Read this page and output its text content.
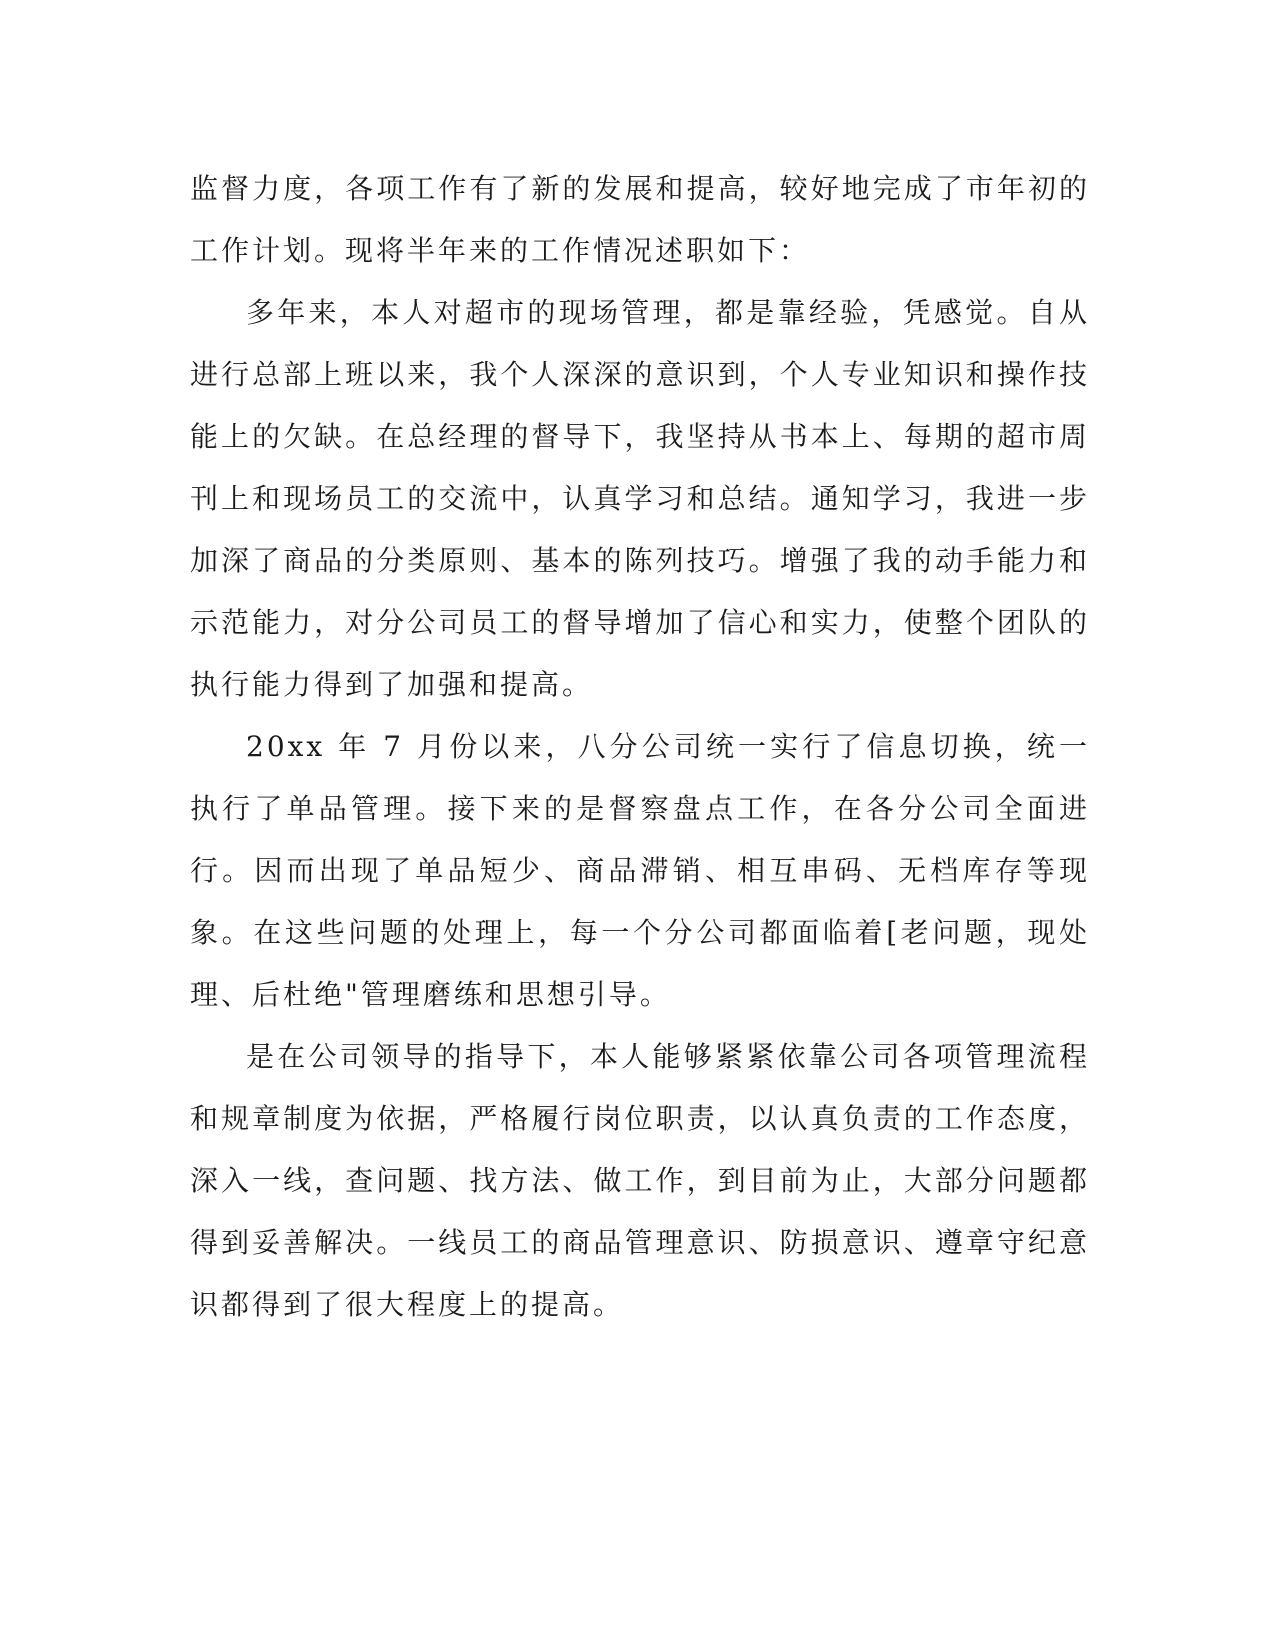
监督力度，各项工作有了新的发展和提高，较好地完成了市年初的工作计划。现将半年来的工作情况述职如下：

多年来，本人对超市的现场管理，都是靠经验，凭感觉。自从进行总部上班以来，我个人深深的意识到，个人专业知识和操作技能上的欠缺。在总经理的督导下，我坚持从书本上、每期的超市周刊上和现场员工的交流中，认真学习和总结。通知学习，我进一步加深了商品的分类原则、基本的陈列技巧。增强了我的动手能力和示范能力，对分公司员工的督导增加了信心和实力，使整个团队的执行能力得到了加强和提高。

20xx 年 7 月份以来，八分公司统一实行了信息切换，统一执行了单品管理。接下来的是督察盘点工作，在各分公司全面进行。因而出现了单品短少、商品滞销、相互串码、无档库存等现象。在这些问题的处理上，每一个分公司都面临着[老问题，现处理、后杜绝"管理磨练和思想引导。

是在公司领导的指导下，本人能够紧紧依靠公司各项管理流程和规章制度为依据，严格履行岗位职责，以认真负责的工作态度，深入一线，查问题、找方法、做工作，到目前为止，大部分问题都得到妥善解决。一线员工的商品管理意识、防损意识、遵章守纪意识都得到了很大程度上的提高。
